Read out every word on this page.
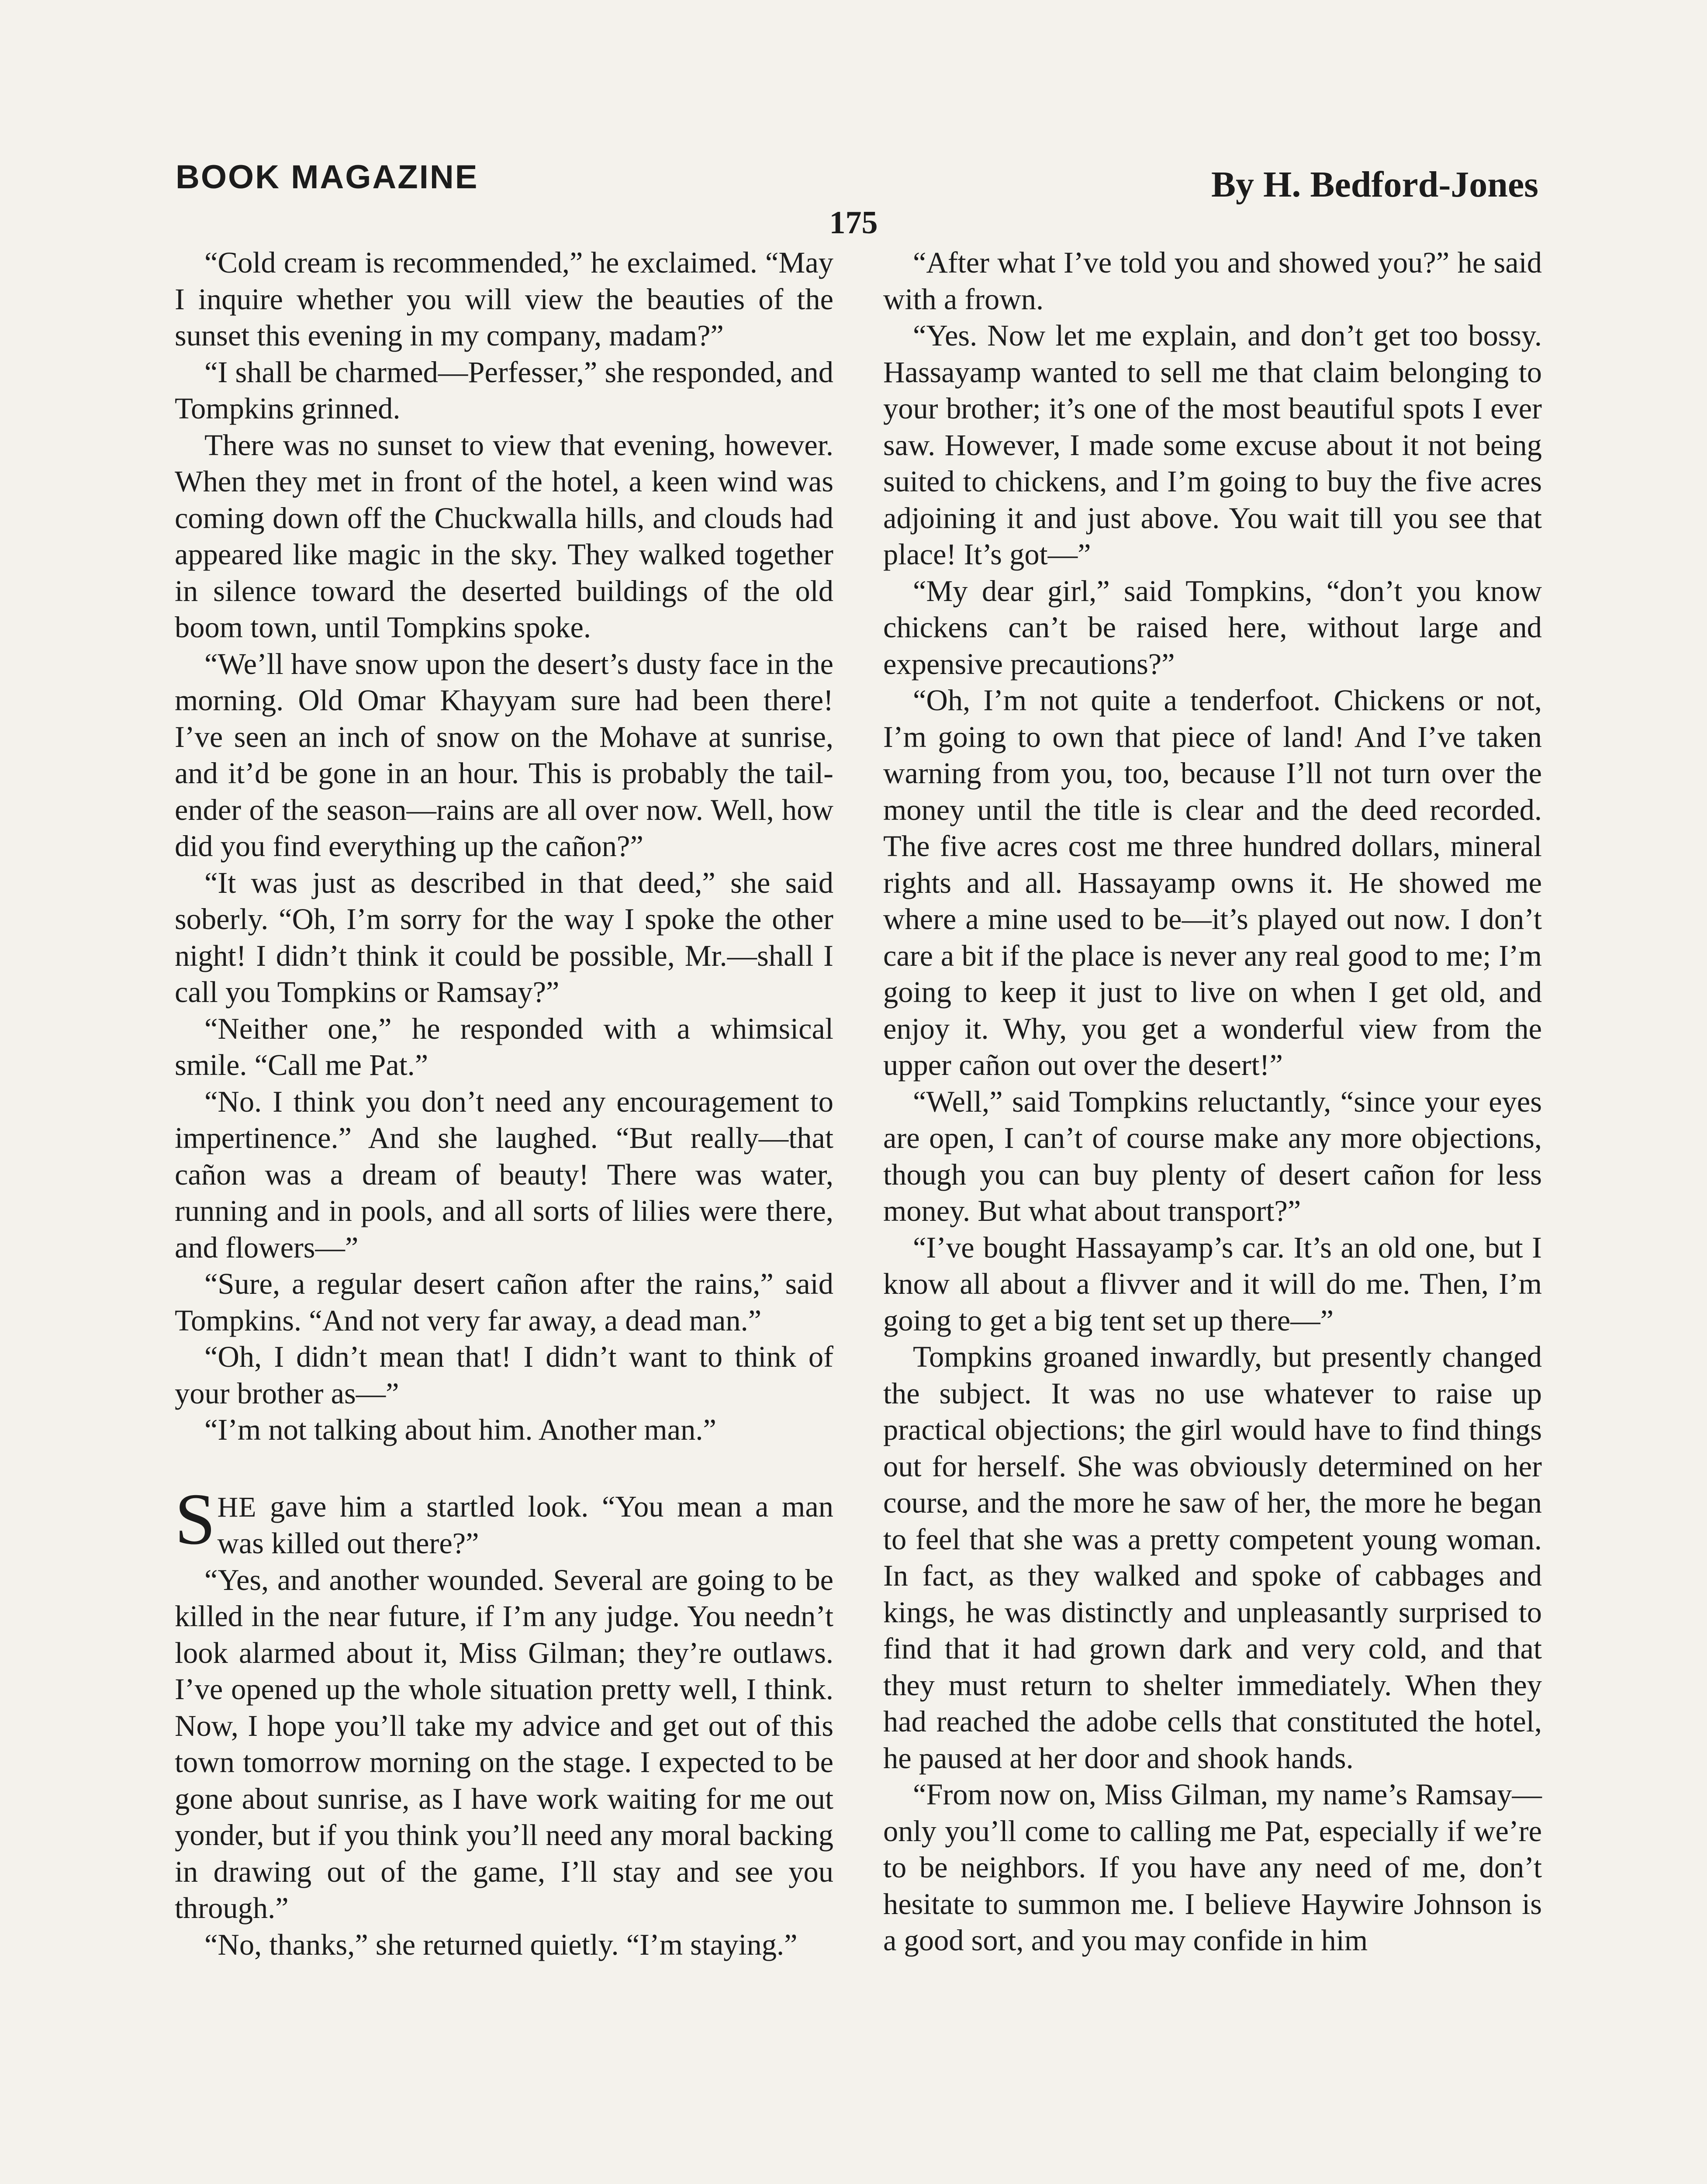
BOOK MAGAZINE	By H. Bedford-Jones
175

“Cold cream is recommended,” he exclaimed. “May I inquire whether you will view the beauties of the sunset this evening in my company, madam?”

“I shall be charmed—Perfesser,” she responded, and Tompkins grinned.

There was no sunset to view that evening, however. When they met in front of the hotel, a keen wind was coming down off the Chuckwalla hills, and clouds had appeared like magic in the sky. They walked together in silence toward the deserted buildings of the old boom town, until Tompkins spoke.

“We’ll have snow upon the desert’s dusty face in the morning. Old Omar Khayyam sure had been there! I’ve seen an inch of snow on the Mohave at sunrise, and it’d be gone in an hour. This is probably the tail-ender of the season—rains are all over now. Well, how did you find everything up the cañon?”

“It was just as described in that deed,” she said soberly. “Oh, I’m sorry for the way I spoke the other night! I didn’t think it could be possible, Mr.—shall I call you Tompkins or Ramsay?”

“Neither one,” he responded with a whimsical smile. “Call me Pat.”

“No. I think you don’t need any encouragement to impertinence.” And she laughed. “But really—that cañon was a dream of beauty! There was water, running and in pools, and all sorts of lilies were there, and flowers—”

“Sure, a regular desert cañon after the rains,” said Tompkins. “And not very far away, a dead man.”

“Oh, I didn’t mean that! I didn’t want to think of your brother as—”

“I’m not talking about him. Another man.”

SHE gave him a startled look. “You mean a man was killed out there?”

“Yes, and another wounded. Several are going to be killed in the near future, if I’m any judge. You needn’t look alarmed about it, Miss Gilman; they’re outlaws. I’ve opened up the whole situation pretty well, I think. Now, I hope you’ll take my advice and get out of this town tomorrow morning on the stage. I expected to be gone about sunrise, as I have work waiting for me out yonder, but if you think you’ll need any moral backing in drawing out of the game, I’ll stay and see you through.”

“No, thanks,” she returned quietly. “I’m staying.”

“After what I’ve told you and showed you?” he said with a frown.

“Yes. Now let me explain, and don’t get too bossy. Hassayamp wanted to sell me that claim belonging to your brother; it’s one of the most beautiful spots I ever saw. However, I made some excuse about it not being suited to chickens, and I’m going to buy the five acres adjoining it and just above. You wait till you see that place! It’s got—”

“My dear girl,” said Tompkins, “don’t you know chickens can’t be raised here, without large and expensive precautions?”

“Oh, I’m not quite a tenderfoot. Chickens or not, I’m going to own that piece of land! And I’ve taken warning from you, too, because I’ll not turn over the money until the title is clear and the deed recorded. The five acres cost me three hundred dollars, mineral rights and all. Hassayamp owns it. He showed me where a mine used to be—it’s played out now. I don’t care a bit if the place is never any real good to me; I’m going to keep it just to live on when I get old, and enjoy it. Why, you get a wonderful view from the upper cañon out over the desert!”

“Well,” said Tompkins reluctantly, “since your eyes are open, I can’t of course make any more objections, though you can buy plenty of desert cañon for less money. But what about transport?”

“I’ve bought Hassayamp’s car. It’s an old one, but I know all about a flivver and it will do me. Then, I’m going to get a big tent set up there—”

Tompkins groaned inwardly, but presently changed the subject. It was no use whatever to raise up practical objections; the girl would have to find things out for herself. She was obviously determined on her course, and the more he saw of her, the more he began to feel that she was a pretty competent young woman. In fact, as they walked and spoke of cabbages and kings, he was distinctly and unpleasantly surprised to find that it had grown dark and very cold, and that they must return to shelter immediately. When they had reached the adobe cells that constituted the hotel, he paused at her door and shook hands.

“From now on, Miss Gilman, my name’s Ramsay—only you’ll come to calling me Pat, especially if we’re to be neighbors. If you have any need of me, don’t hesitate to summon me. I believe Haywire Johnson is a good sort, and you may confide in him
